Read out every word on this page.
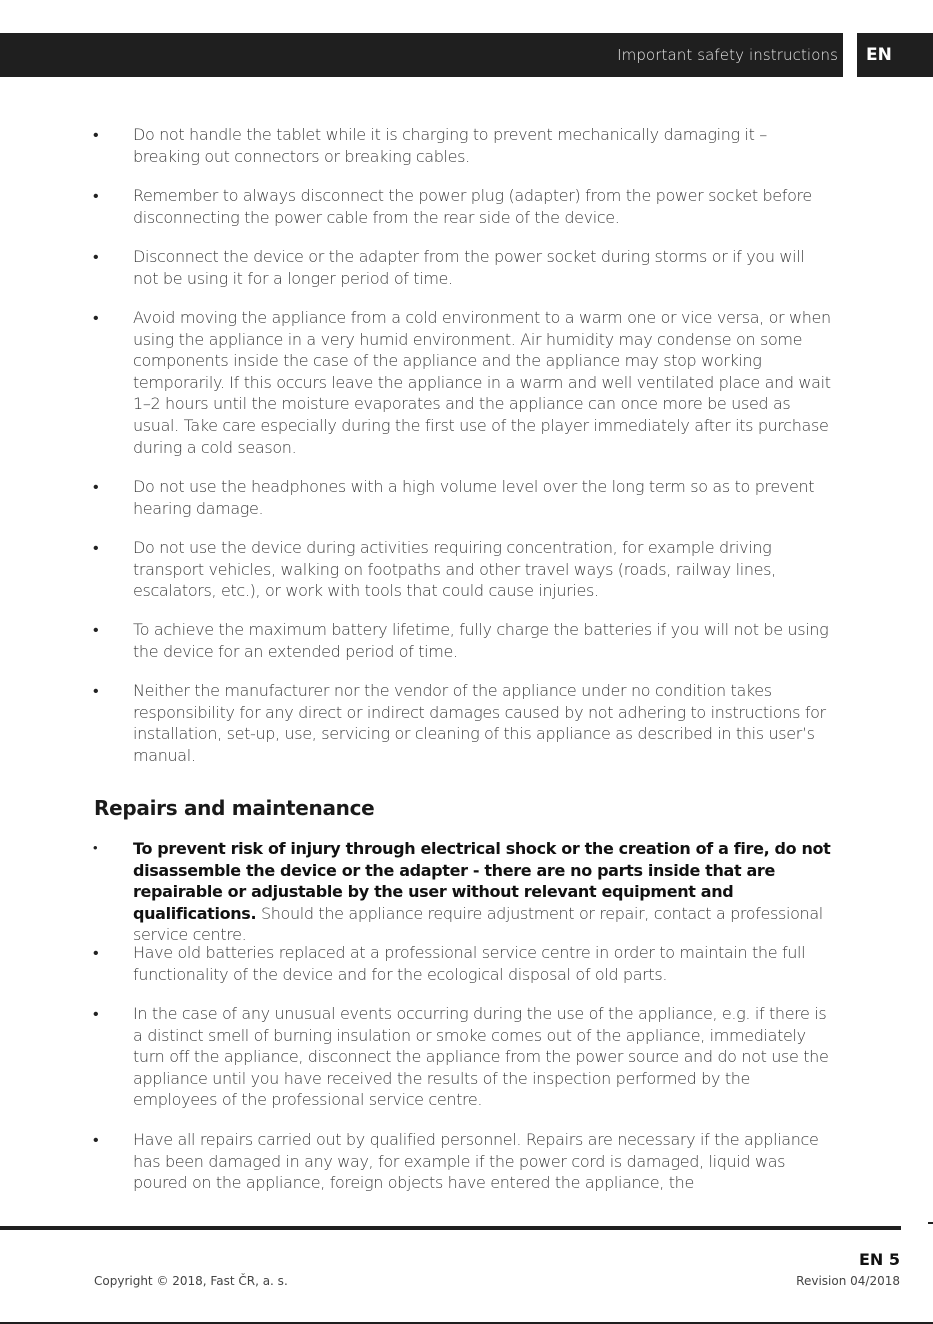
Important safety instructions	EN
• Do not handle the tablet while it is charging to prevent mechanically damaging it – breaking out connectors or breaking cables.
• Remember to always disconnect the power plug (adapter) from the power socket before disconnecting the power cable from the rear side of the device.
• Disconnect the device or the adapter from the power socket during storms or if you will not be using it for a longer period of time.
• Avoid moving the appliance from a cold environment to a warm one or vice versa, or when using the appliance in a very humid environment. Air humidity may condense on some components inside the case of the appliance and the appliance may stop working temporarily. If this occurs leave the appliance in a warm and well ventilated place and wait 1–2 hours until the moisture evaporates and the appliance can once more be used as usual. Take care especially during the first use of the player immediately after its purchase during a cold season.
• Do not use the headphones with a high volume level over the long term so as to prevent hearing damage.
• Do not use the device during activities requiring concentration, for example driving transport vehicles, walking on footpaths and other travel ways (roads, railway lines, escalators, etc.), or work with tools that could cause injuries.
• To achieve the maximum battery lifetime, fully charge the batteries if you will not be using the device for an extended period of time.
• Neither the manufacturer nor the vendor of the appliance under no condition takes responsibility for any direct or indirect damages caused by not adhering to instructions for installation, set-up, use, servicing or cleaning of this appliance as described in this user’s manual.
Repairs and maintenance
• To prevent risk of injury through electrical shock or the creation of a fire, do not disassemble the device or the adapter - there are no parts inside that are repairable or adjustable by the user without relevant equipment and qualifications. Should the appliance require adjustment or repair, contact a professional service centre.
• Have old batteries replaced at a professional service centre in order to maintain the full functionality of the device and for the ecological disposal of old parts.
• In the case of any unusual events occurring during the use of the appliance, e.g. if there is a distinct smell of burning insulation or smoke comes out of the appliance, immediately turn off the appliance, disconnect the appliance from the power source and do not use the appliance until you have received the results of the inspection performed by the employees of the professional service centre.
• Have all repairs carried out by qualified personnel. Repairs are necessary if the appliance has been damaged in any way, for example if the power cord is damaged, liquid was poured on the appliance, foreign objects have entered the appliance, the
EN 5
Copyright © 2018, Fast ČR, a. s.	Revision 04/2018
